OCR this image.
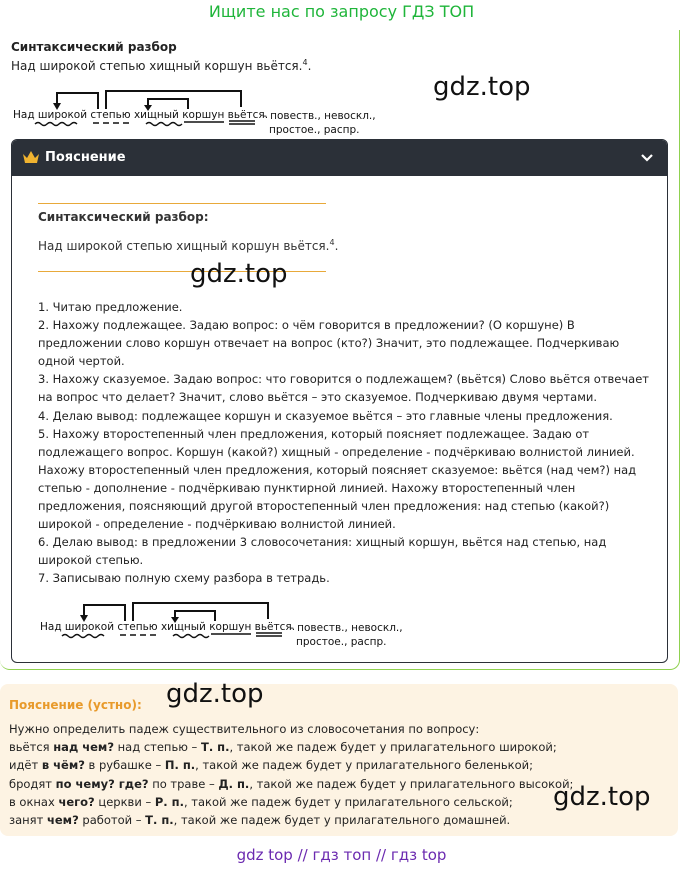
Ищите нас по запросу ГДЗ ТОП
Синтаксический разбор
Над широкой степью хищный коршун вьётся.$^4$.
gdz.top
Над широкой степью хищный коршун вьётся.
- повеств., невоскл.,
простое., распр.
Пояснение
Синтаксический разбор:
Над широкой степью хищный коршун вьётся.$^4$.
gdz.top

1. Читаю предложение.

2. Нахожу подлежащее. Задаю вопрос: о чём говорится в предложении? (О коршуне) В предложении слово коршун отвечает на вопрос (кто?) Значит, это подлежащее. Подчеркиваю одной чертой.

3. Нахожу сказуемое. Задаю вопрос: что говорится о подлежащем? (вьётся) Слово вьётся отвечает на вопрос что делает? Значит, слово вьётся – это сказуемое. Подчеркиваю двумя чертами.

4. Делаю вывод: подлежащее коршун и сказуемое вьётся – это главные члены предложения.

5. Нахожу второстепенный член предложения, который поясняет подлежащее. Задаю от подлежащего вопрос. Коршун (какой?) хищный - определение - подчёркиваю волнистой линией. Нахожу второстепенный член предложения, который поясняет сказуемое: вьётся (над чем?) над степью - дополнение - подчёркиваю пунктирной линией. Нахожу второстепенный член предложения, поясняющий другой второстепенный член предложения: над степью (какой?) широкой - определение - подчёркиваю волнистой линией.

6. Делаю вывод: в предложении 3 словосочетания: хищный коршун, вьётся над степью, над широкой степью.

7. Записываю полную схему разбора в тетрадь.

Над широкой степью хищный коршун вьётся.
- повеств., невоскл.,
простое., распр.
Пояснение (устно): gdz.top
Нужно определить падеж существительного из словосочетания по вопросу:
вьётся над чем? над степью – Т. п., такой же падеж будет у прилагательного широкой;
идёт в чём? в рубашке – П. п., такой же падеж будет у прилагательного беленькой;
бродят по чему? где? по траве – Д. п., такой же падеж будет у прилагательного высокой;
в окнах чего? церкви – Р. п., такой же падеж будет у прилагательного сельской;
занят чем? работой – Т. п., такой же падеж будет у прилагательного домашней.
gdz.top
gdz top // гдз топ // гдз top
